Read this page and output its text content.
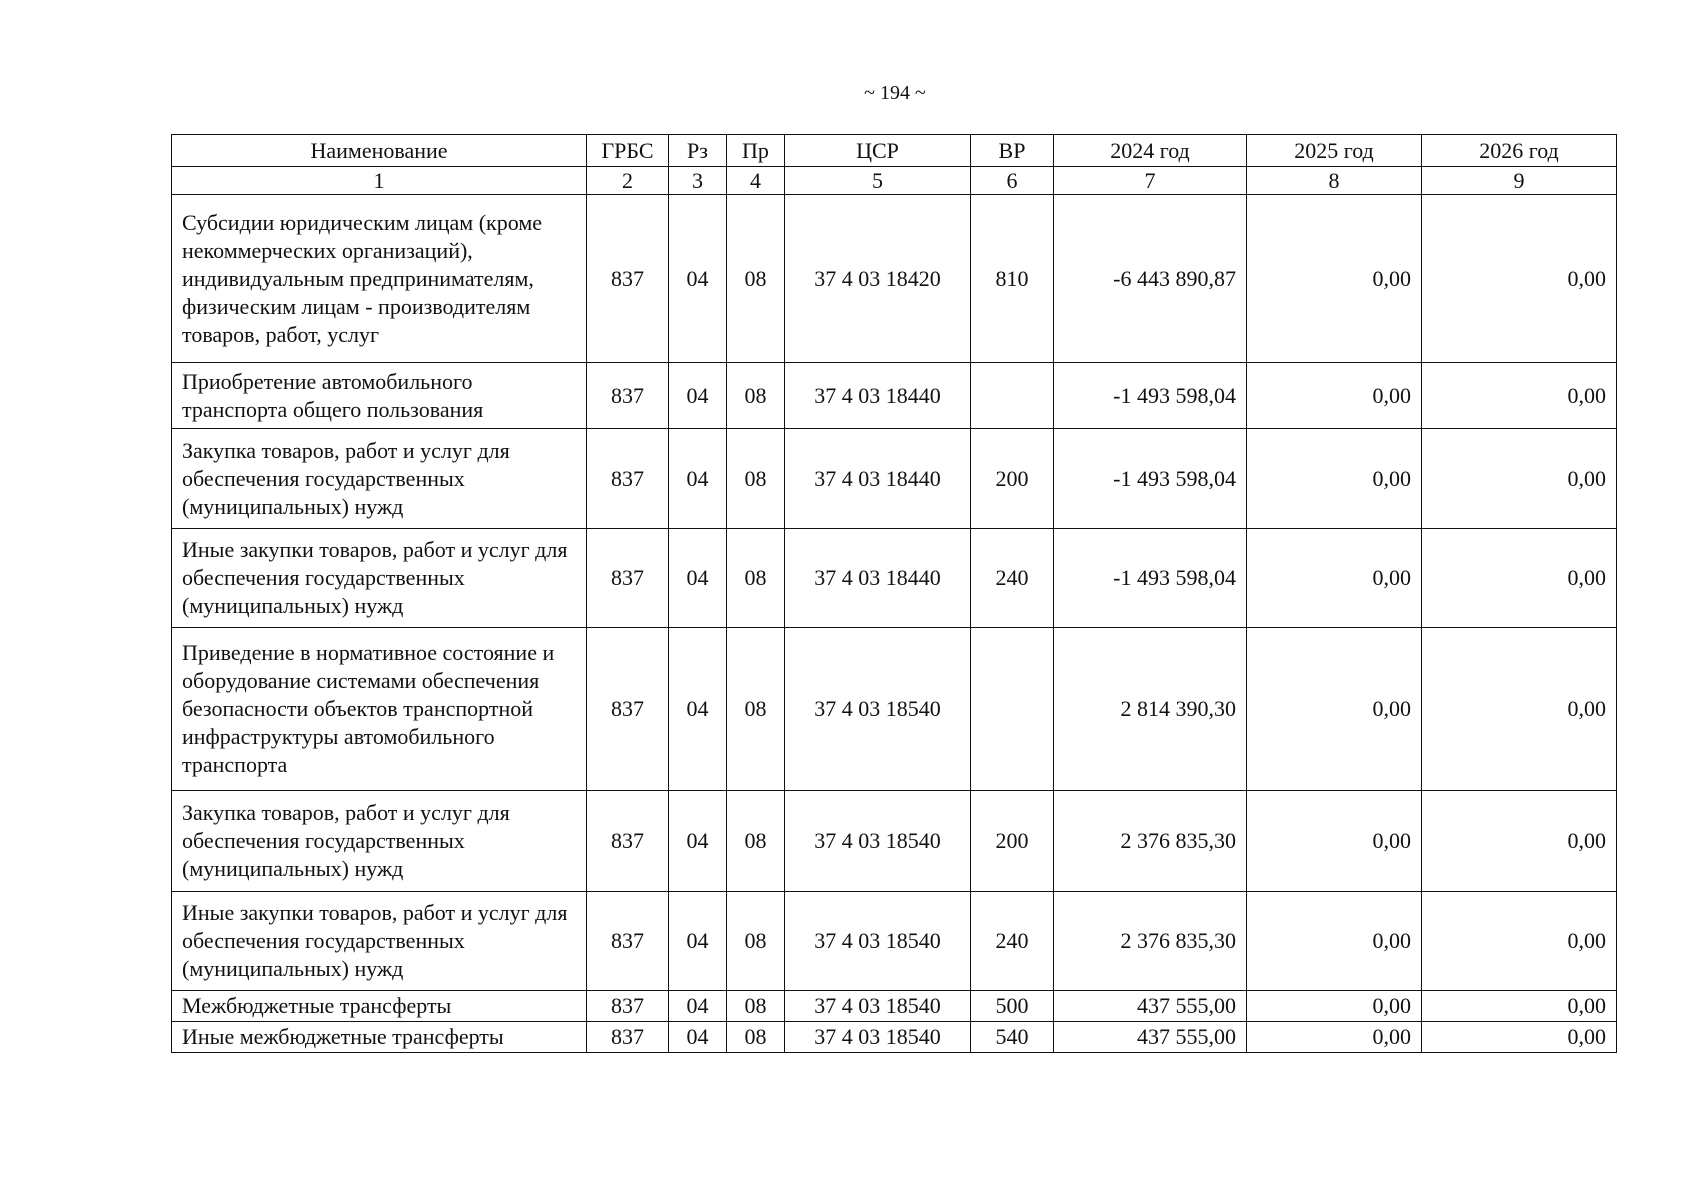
~ 194 ~
Наименование	ГРБС	Рз	Пр	ЦСР	ВР	2024 год	2025 год	2026 год
1	2	3	4	5	6	7	8	9
Субсидии юридическим лицам (кроме некоммерческих организаций), индивидуальным предпринимателям, физическим лицам - производителям товаров, работ, услуг	837	04	08	37 4 03 18420	810	-6 443 890,87	0,00	0,00
Приобретение автомобильного транспорта общего пользования	837	04	08	37 4 03 18440		-1 493 598,04	0,00	0,00
Закупка товаров, работ и услуг для обеспечения государственных (муниципальных) нужд	837	04	08	37 4 03 18440	200	-1 493 598,04	0,00	0,00
Иные закупки товаров, работ и услуг для обеспечения государственных (муниципальных) нужд	837	04	08	37 4 03 18440	240	-1 493 598,04	0,00	0,00
Приведение в нормативное состояние и оборудование системами обеспечения безопасности объектов транспортной инфраструктуры автомобильного транспорта	837	04	08	37 4 03 18540		2 814 390,30	0,00	0,00
Закупка товаров, работ и услуг для обеспечения государственных (муниципальных) нужд	837	04	08	37 4 03 18540	200	2 376 835,30	0,00	0,00
Иные закупки товаров, работ и услуг для обеспечения государственных (муниципальных) нужд	837	04	08	37 4 03 18540	240	2 376 835,30	0,00	0,00
Межбюджетные трансферты	837	04	08	37 4 03 18540	500	437 555,00	0,00	0,00
Иные межбюджетные трансферты	837	04	08	37 4 03 18540	540	437 555,00	0,00	0,00
